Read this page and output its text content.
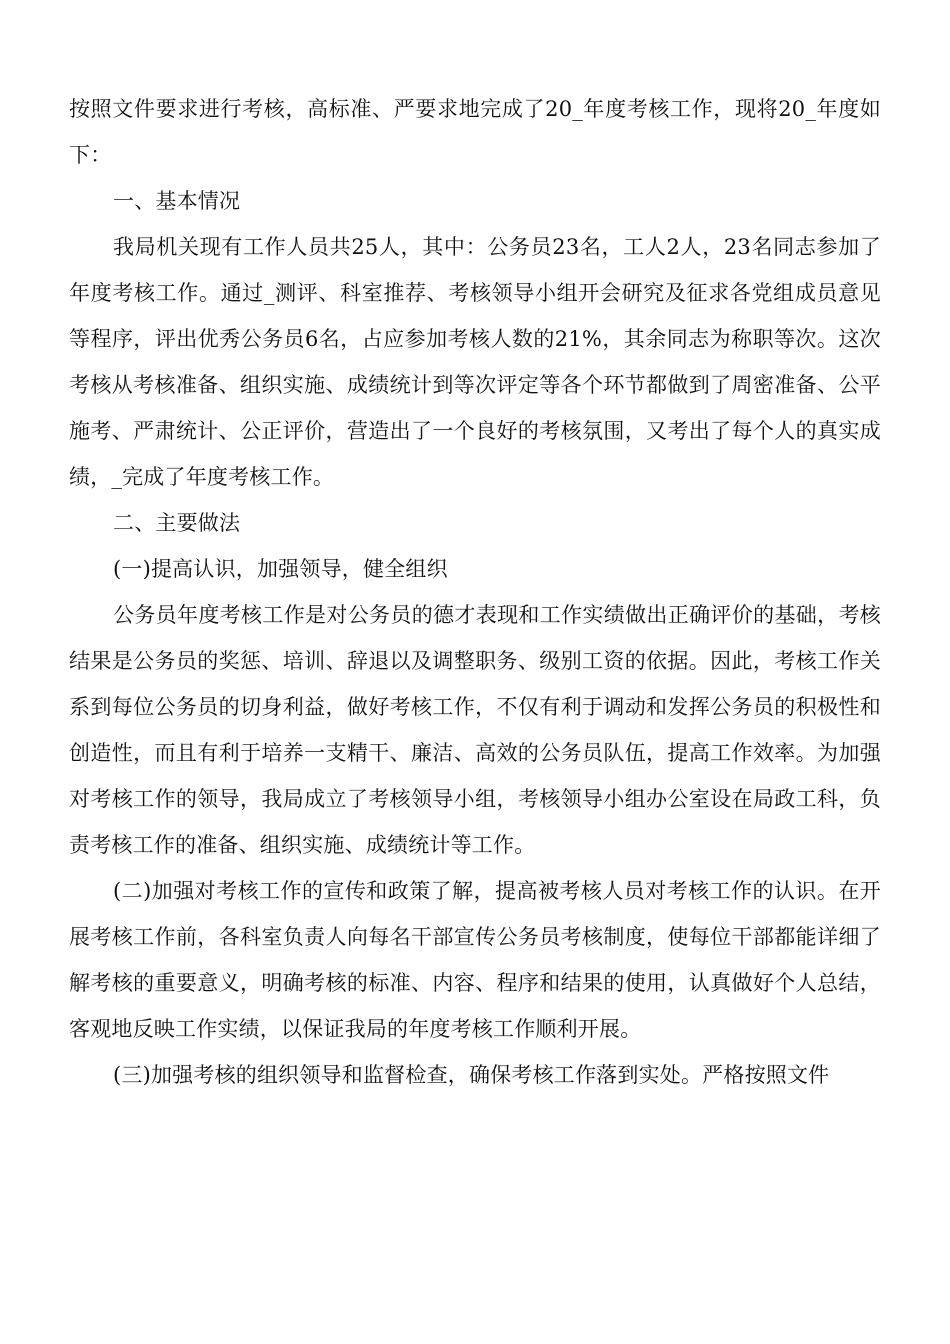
按照文件要求进行考核，高标准、严要求地完成了20_年度考核工作，现将20_年度如下：

一、基本情况

我局机关现有工作人员共25人，其中：公务员23名，工人2人，23名同志参加了年度考核工作。通过_测评、科室推荐、考核领导小组开会研究及征求各党组成员意见等程序，评出优秀公务员6名，占应参加考核人数的21%，其余同志为称职等次。这次考核从考核准备、组织实施、成绩统计到等次评定等各个环节都做到了周密准备、公平施考、严肃统计、公正评价，营造出了一个良好的考核氛围，又考出了每个人的真实成绩，_完成了年度考核工作。

二、主要做法

(一)提高认识，加强领导，健全组织

公务员年度考核工作是对公务员的德才表现和工作实绩做出正确评价的基础，考核结果是公务员的奖惩、培训、辞退以及调整职务、级别工资的依据。因此，考核工作关系到每位公务员的切身利益，做好考核工作，不仅有利于调动和发挥公务员的积极性和创造性，而且有利于培养一支精干、廉洁、高效的公务员队伍，提高工作效率。为加强对考核工作的领导，我局成立了考核领导小组，考核领导小组办公室设在局政工科，负责考核工作的准备、组织实施、成绩统计等工作。

(二)加强对考核工作的宣传和政策了解，提高被考核人员对考核工作的认识。在开展考核工作前，各科室负责人向每名干部宣传公务员考核制度，使每位干部都能详细了解考核的重要意义，明确考核的标准、内容、程序和结果的使用，认真做好个人总结，客观地反映工作实绩，以保证我局的年度考核工作顺利开展。

(三)加强考核的组织领导和监督检查，确保考核工作落到实处。严格按照文件
